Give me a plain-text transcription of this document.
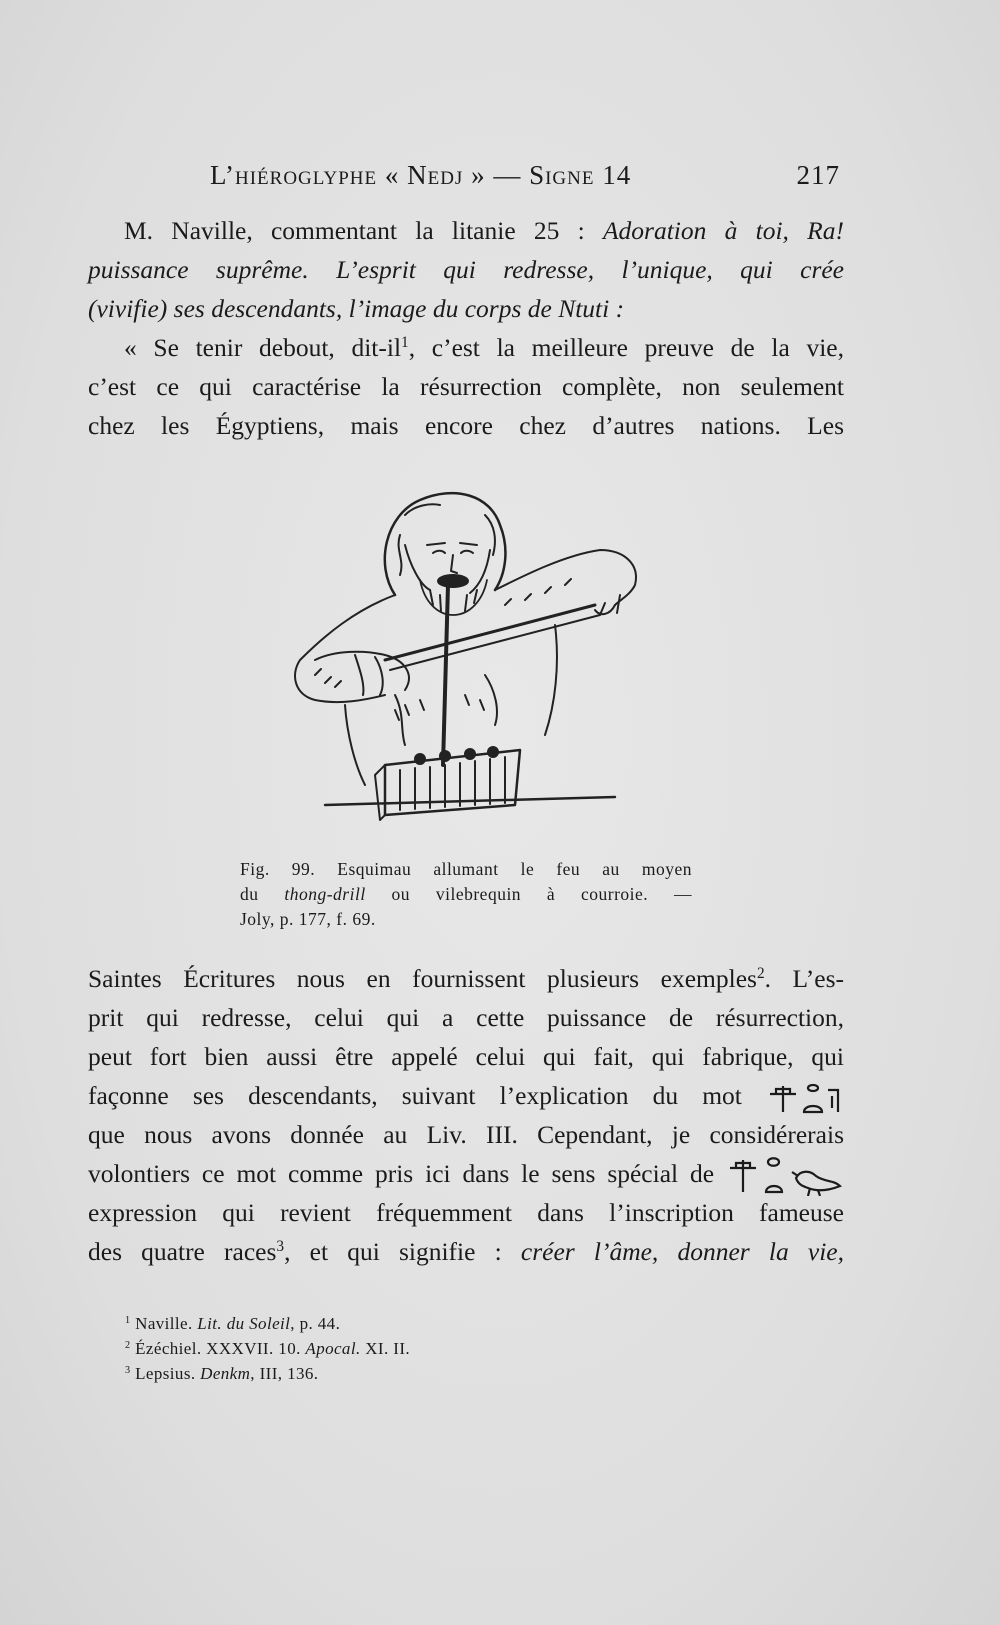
L’hiéroglyphe « Nedj » — Signe 14	217
M. Naville, commentant la litanie 25 : Adoration à toi, Ra!
puissance suprême. L’esprit qui redresse, l’unique, qui crée
(vivifie) ses descendants, l’image du corps de Ntuti :
« Se tenir debout, dit-$il^1$, c’est la meilleure preuve de la vie,
c’est ce qui caractérise la résurrection complète, non seulement
chez les Égyptiens, mais encore chez d’autres nations. Les
Fig. 99. Esquimau allumant le feu au moyen
du thong-drill ou vilebrequin à courroie. —
Joly, p. 177, f. 69.
Saintes Écritures nous en fournissent plusieurs exemples$^2$. L’es-
prit qui redresse, celui qui a cette puissance de résurrection,
peut fort bien aussi être appelé celui qui fait, qui fabrique, qui
façonne ses descendants, suivant l’explication du mot
que nous avons donnée au Liv. III. Cependant, je considérerais
volontiers ce mot comme pris ici dans le sens spécial de
expression qui revient fréquemment dans l’inscription fameuse
des quatre races$^3$, et qui signifie : créer l’âme, donner la vie,
$^1$ Naville. Lit. du Soleil, p. 44.
$^2$ Ézéchiel. XXXVII. 10. Apocal. XI. II.
$^3$ Lepsius. Denkm, III, 136.
